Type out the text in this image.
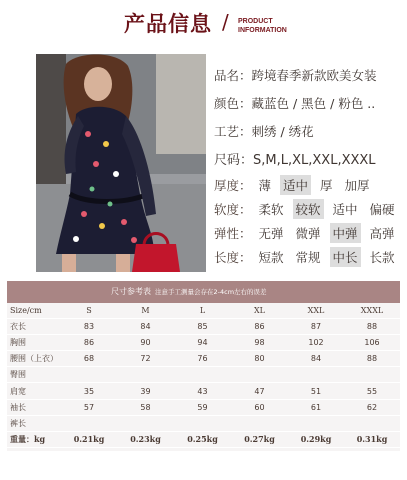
产品信息 / PRODUCT
INFORMATION
品名：跨境春季新款欧美女装
颜色：藏蓝色 / 黑色 / 粉色 ..
工艺：刺绣 / 绣花
尺码：S,M,L,XL,XXL,XXXL
厚度： 薄 适中 厚 加厚
软度： 柔软 较软 适中 偏硬
弹性： 无弹 微弹 中弹 高弹
长度： 短款 常规 中长 长款
尺寸参考表 注意手工测量会存在2-4cm左右的误差
Size/cm	S	M	L	XL	XXL	XXXL
衣长	83	84	85	86	87	88
胸围	86	90	94	98	102	106
腰围（上衣）	68	72	76	80	84	88
臀围						
肩宽	35	39	43	47	51	55
袖长	57	58	59	60	61	62
裤长						
重量：kg	0.21kg	0.23kg	0.25kg	0.27kg	0.29kg	0.31kg
